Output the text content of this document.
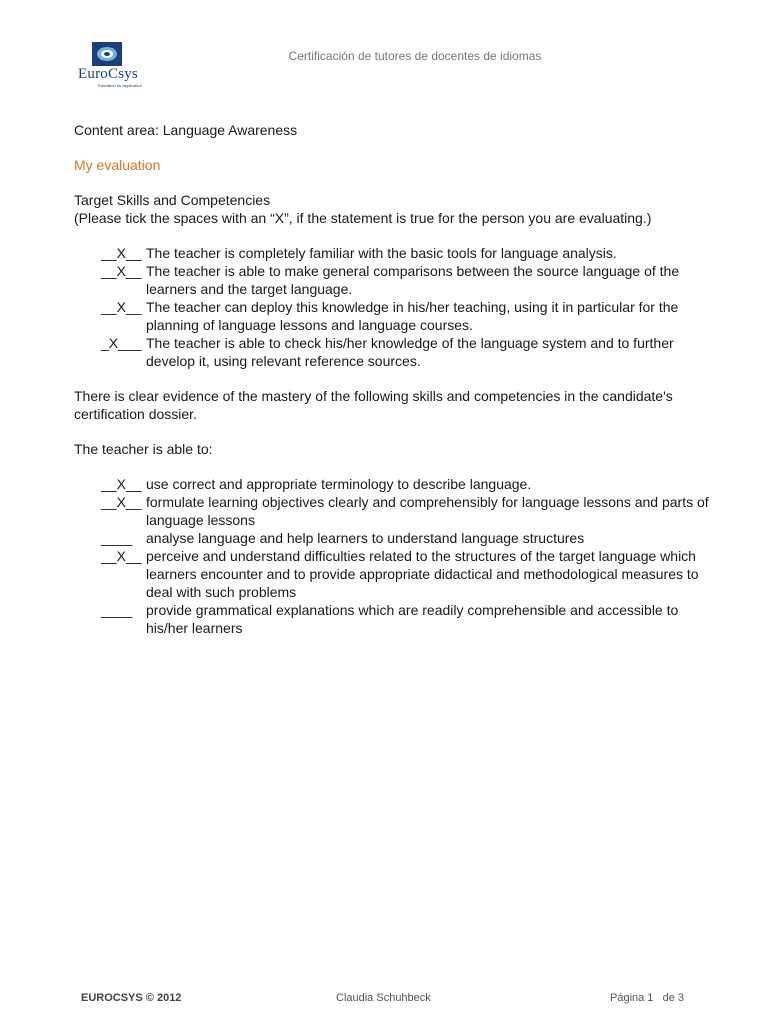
EuroCsys
Education for Application
Certificación de tutores de docentes de idiomas

Content area: Language Awareness

My evaluation

Target Skills and Competencies

(Please tick the spaces with an “X”, if the statement is true for the person you are evaluating.)

__X__ The teacher is completely familiar with the basic tools for language analysis.
__X__ The teacher is able to make general comparisons between the source language of the learners and the target language.
__X__ The teacher can deploy this knowledge in his/her teaching, using it in particular for the planning of language lessons and language courses.
_X___ The teacher is able to check his/her knowledge of the language system and to further develop it, using relevant reference sources.

There is clear evidence of the mastery of the following skills and competencies in the candidate's certification dossier.

The teacher is able to:

__X__ use correct and appropriate terminology to describe language.
__X__ formulate learning objectives clearly and comprehensibly for language lessons and parts of language lessons
____ analyse language and help learners to understand language structures
__X__ perceive and understand difficulties related to the structures of the target language which learners encounter and to provide appropriate didactical and methodological measures to deal with such problems
____ provide grammatical explanations which are readily comprehensible and accessible to his/her learners
EUROCSYS © 2012	Claudia Schuhbeck	Página 1   de 3
